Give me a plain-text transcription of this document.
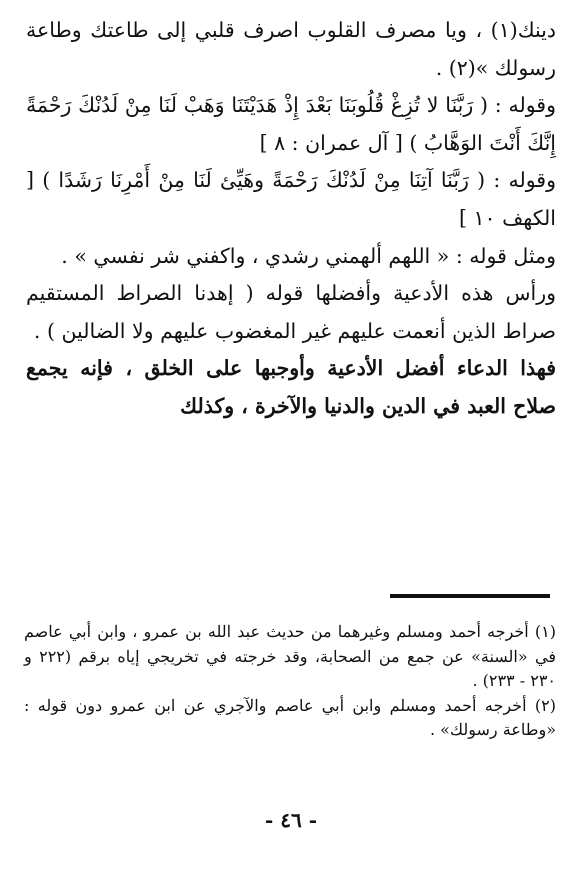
دينك(١) ، ويا مصرف القلوب اصرف قلبي إلى طاعتك وطاعة رسولك »(٢) .

وقوله : ( رَبَّنَا لا تُزِغْ قُلُوبَنَا بَعْدَ إِذْ هَدَيْتَنَا وَهَبْ لَنَا مِنْ لَدُنْكَ رَحْمَةً إِنَّكَ أَنْتَ الوَهَّابُ ) [ آل عمران : ٨ ]

وقوله : ( رَبَّنَا آتِنَا مِنْ لَدُنْكَ رَحْمَةً وهَيِّئ لَنَا مِنْ أَمْرِنَا رَشَدًا ) [ الكهف ١٠ ]

ومثل قوله : « اللهم ألهمني رشدي ، واكفني شر نفسي » .

ورأس هذه الأدعية وأفضلها قوله ( إهدنا الصراط المستقيم صراط الذين أنعمت عليهم غير المغضوب عليهم ولا الضالين ) .

فهذا الدعاء أفضل الأدعية وأوجبها على الخلق ، فإنه يجمع صلاح العبد في الدين والدنيا والآخرة ، وكذلك

(١) أخرجه أحمد ومسلم وغيرهما من حديث عبد الله بن عمرو ، وابن أبي عاصم في «السنة» عن جمع من الصحابة، وقد خرجته في تخريجي إياه برقم (٢٢٢ و ٢٣٠ - ٢٣٣) .

(٢) أخرجه أحمد ومسلم وابن أبي عاصم والآجري عن ابن عمرو دون قوله : «وطاعة رسولك» .

- ٤٦ -
